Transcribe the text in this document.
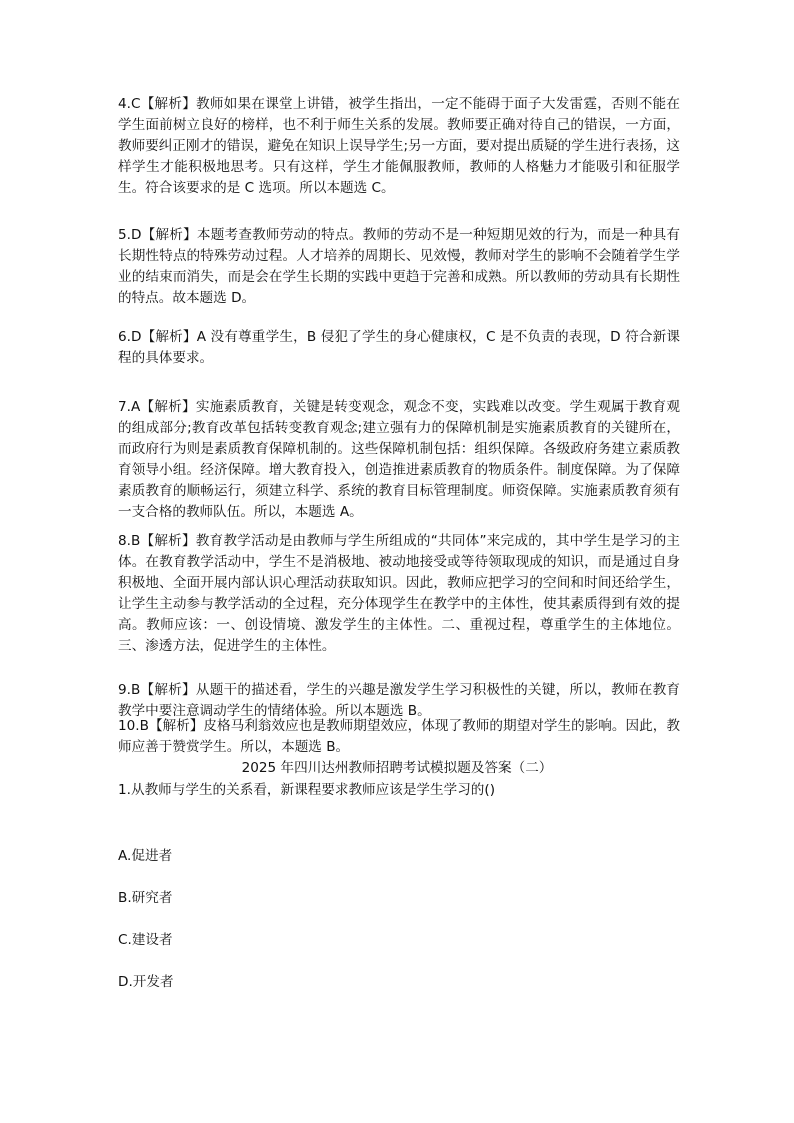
4.C【解析】教师如果在课堂上讲错，被学生指出，一定不能碍于面子大发雷霆，否则不能在学生面前树立良好的榜样，也不利于师生关系的发展。教师要正确对待自己的错误，一方面，教师要纠正刚才的错误，避免在知识上误导学生;另一方面，要对提出质疑的学生进行表扬，这样学生才能积极地思考。只有这样，学生才能佩服教师，教师的人格魅力才能吸引和征服学生。符合该要求的是 C 选项。所以本题选 C。
5.D【解析】本题考查教师劳动的特点。教师的劳动不是一种短期见效的行为，而是一种具有长期性特点的特殊劳动过程。人才培养的周期长、见效慢，教师对学生的影响不会随着学生学业的结束而消失，而是会在学生长期的实践中更趋于完善和成熟。所以教师的劳动具有长期性的特点。故本题选 D。
6.D【解析】A 没有尊重学生，B 侵犯了学生的身心健康权，C 是不负责的表现，D 符合新课程的具体要求。
7.A【解析】实施素质教育，关键是转变观念，观念不变，实践难以改变。学生观属于教育观的组成部分;教育改革包括转变教育观念;建立强有力的保障机制是实施素质教育的关键所在，而政府行为则是素质教育保障机制的。这些保障机制包括：组织保障。各级政府务建立素质教育领导小组。经济保障。增大教育投入，创造推进素质教育的物质条件。制度保障。为了保障素质教育的顺畅运行，须建立科学、系统的教育目标管理制度。师资保障。实施素质教育须有一支合格的教师队伍。所以，本题选 A。
8.B【解析】教育教学活动是由教师与学生所组成的“共同体”来完成的，其中学生是学习的主体。在教育教学活动中，学生不是消极地、被动地接受或等待领取现成的知识，而是通过自身积极地、全面开展内部认识心理活动获取知识。因此，教师应把学习的空间和时间还给学生，让学生主动参与教学活动的全过程，充分体现学生在教学中的主体性，使其素质得到有效的提高。教师应该：一、创设情境、激发学生的主体性。二、重视过程，尊重学生的主体地位。三、渗透方法，促进学生的主体性。
9.B【解析】从题干的描述看，学生的兴趣是激发学生学习积极性的关键，所以，教师在教育教学中要注意调动学生的情绪体验。所以本题选 B。
10.B【解析】皮格马利翁效应也是教师期望效应，体现了教师的期望对学生的影响。因此，教师应善于赞赏学生。所以，本题选 B。
2025 年四川达州教师招聘考试模拟题及答案（二）
1.从教师与学生的关系看，新课程要求教师应该是学生学习的()
A.促进者
B.研究者
C.建设者
D.开发者
